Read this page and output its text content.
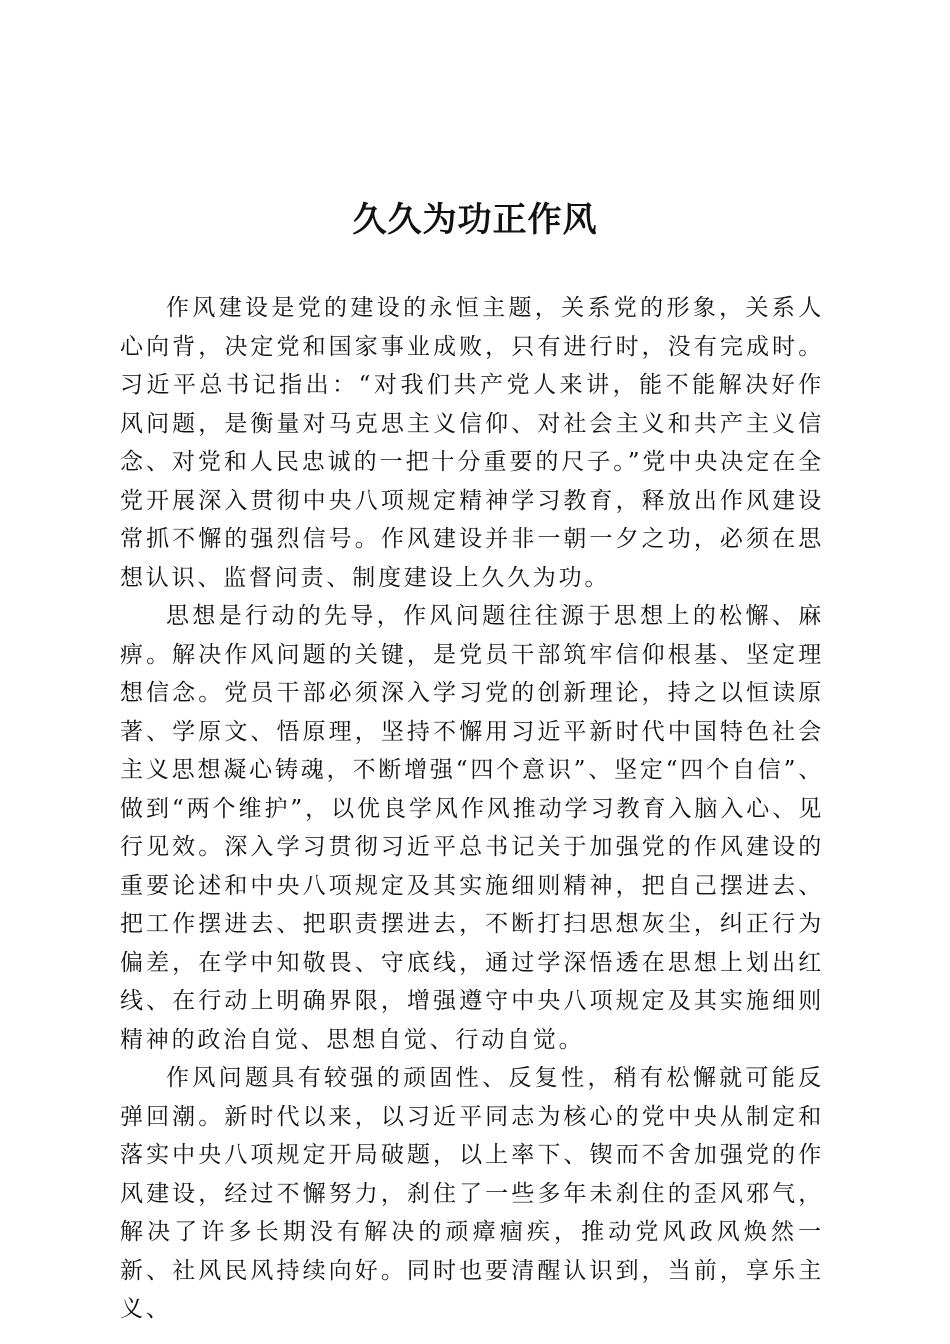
久久为功正作风

作风建设是党的建设的永恒主题，关系党的形象，关系人心向背，决定党和国家事业成败，只有进行时，没有完成时。习近平总书记指出：“对我们共产党人来讲，能不能解决好作风问题，是衡量对马克思主义信仰、对社会主义和共产主义信念、对党和人民忠诚的一把十分重要的尺子。”党中央决定在全党开展深入贯彻中央八项规定精神学习教育，释放出作风建设常抓不懈的强烈信号。作风建设并非一朝一夕之功，必须在思想认识、监督问责、制度建设上久久为功。

思想是行动的先导，作风问题往往源于思想上的松懈、麻痹。解决作风问题的关键，是党员干部筑牢信仰根基、坚定理想信念。党员干部必须深入学习党的创新理论，持之以恒读原著、学原文、悟原理，坚持不懈用习近平新时代中国特色社会主义思想凝心铸魂，不断增强“四个意识”、坚定“四个自信”、做到“两个维护”，以优良学风作风推动学习教育入脑入心、见行见效。深入学习贯彻习近平总书记关于加强党的作风建设的重要论述和中央八项规定及其实施细则精神，把自己摆进去、把工作摆进去、把职责摆进去，不断打扫思想灰尘，纠正行为偏差，在学中知敬畏、守底线，通过学深悟透在思想上划出红线、在行动上明确界限，增强遵守中央八项规定及其实施细则精神的政治自觉、思想自觉、行动自觉。

作风问题具有较强的顽固性、反复性，稍有松懈就可能反弹回潮。新时代以来，以习近平同志为核心的党中央从制定和落实中央八项规定开局破题，以上率下、锲而不舍加强党的作风建设，经过不懈努力，刹住了一些多年未刹住的歪风邪气，解决了许多长期没有解决的顽瘴痼疾，推动党风政风焕然一新、社风民风持续向好。同时也要清醒认识到，当前，享乐主义、
